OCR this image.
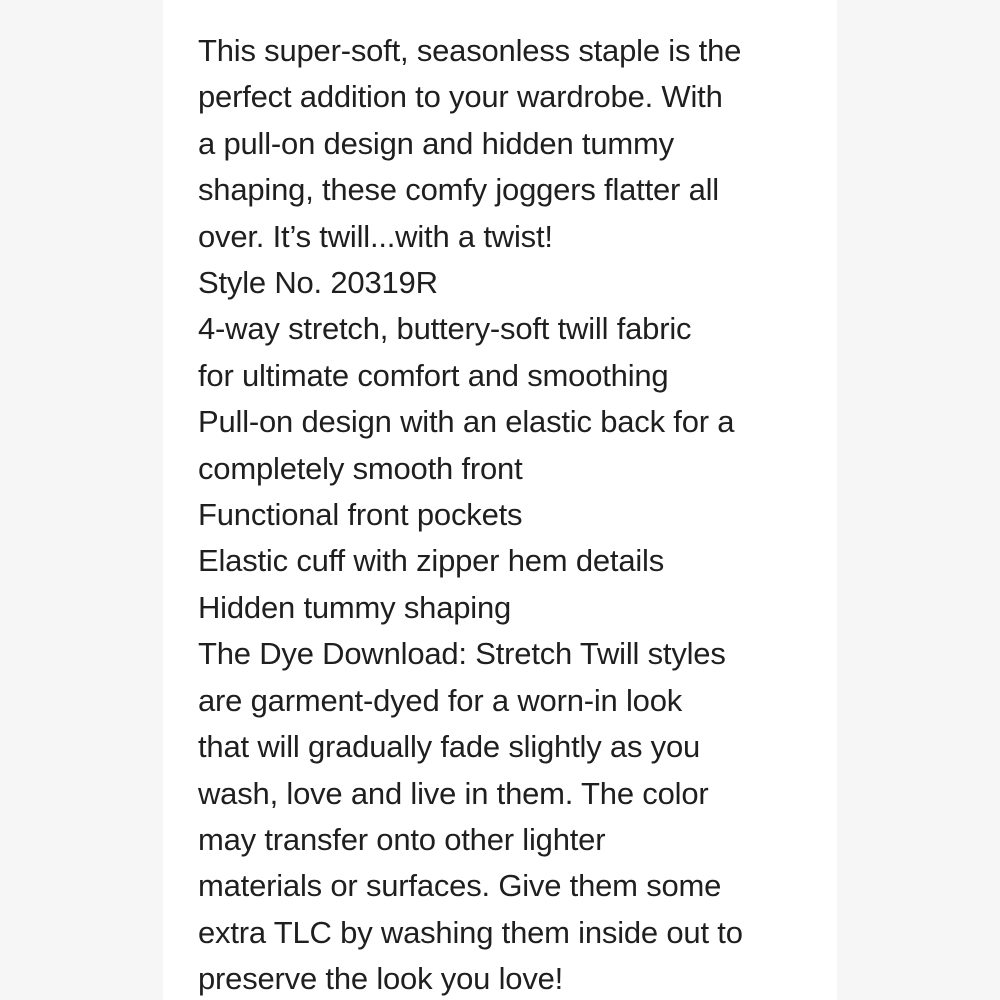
This super-soft, seasonless staple is the
perfect addition to your wardrobe. With
a pull-on design and hidden tummy
shaping, these comfy joggers flatter all
over. It’s twill...with a twist!
Style No. 20319R
4-way stretch, buttery-soft twill fabric
for ultimate comfort and smoothing
Pull-on design with an elastic back for a
completely smooth front
Functional front pockets
Elastic cuff with zipper hem details
Hidden tummy shaping
The Dye Download: Stretch Twill styles
are garment-dyed for a worn-in look
that will gradually fade slightly as you
wash, love and live in them. The color
may transfer onto other lighter
materials or surfaces. Give them some
extra TLC by washing them inside out to
preserve the look you love!
